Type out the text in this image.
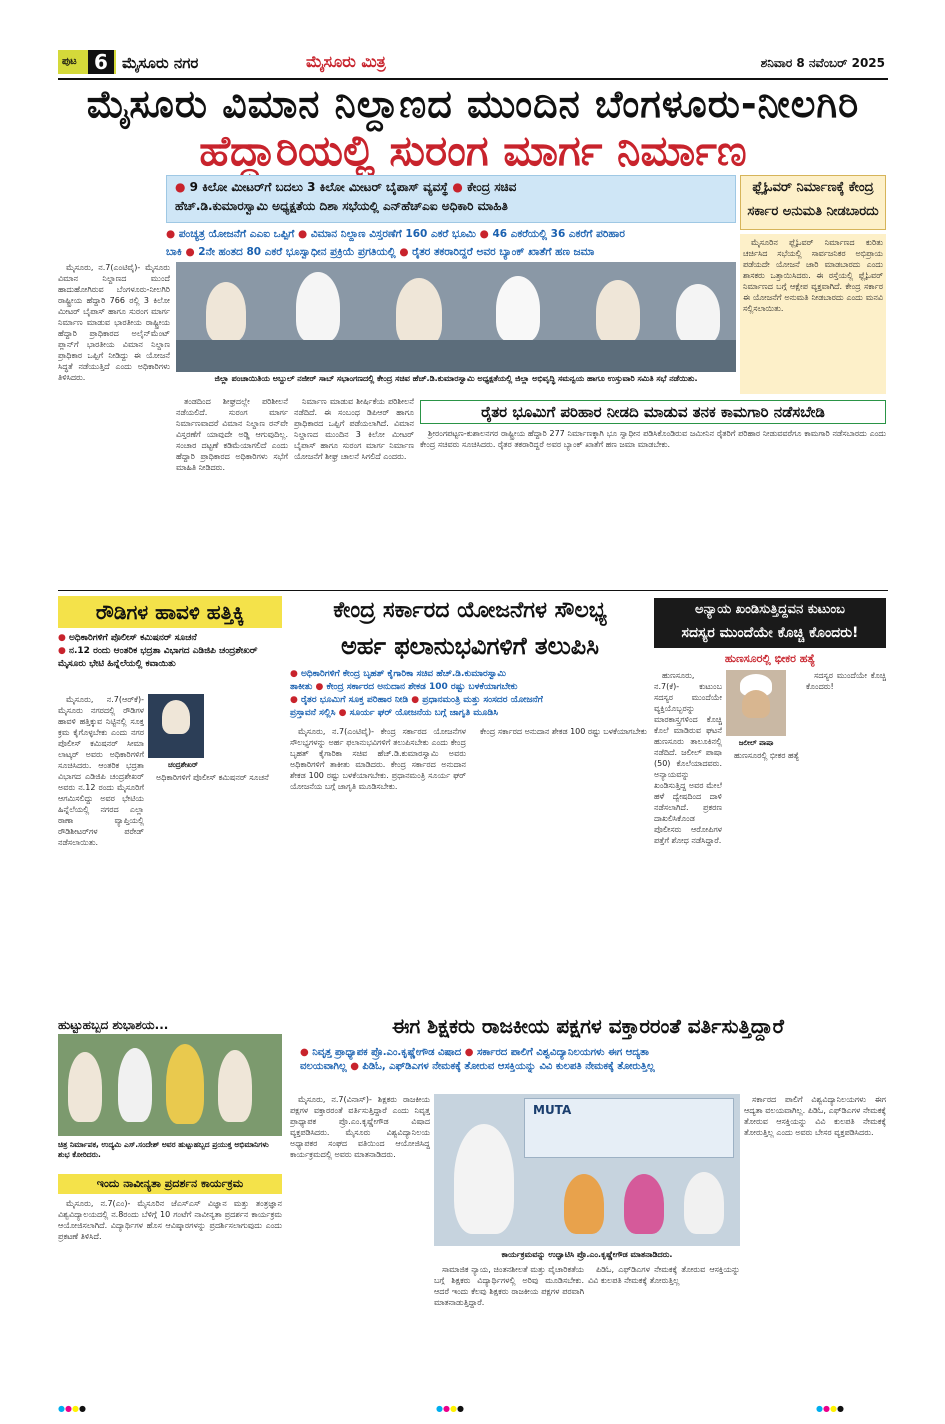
ಪುಟ 6 ಮೈಸೂರು ನಗರ	ಮೈಸೂರು ಮಿತ್ರ	ಶನಿವಾರ 8 ನವೆಂಬರ್ 2025
ಮೈಸೂರು ವಿಮಾನ ನಿಲ್ದಾಣದ ಮುಂದಿನ ಬೆಂಗಳೂರು-ನೀಲಗಿರಿ
ಹೆದ್ದಾರಿಯಲ್ಲಿ ಸುರಂಗ ಮಾರ್ಗ ನಿರ್ಮಾಣ
● 9 ಕಿಲೋ ಮೀಟರ್‌ಗೆ ಬದಲು 3 ಕಿಲೋ ಮೀಟರ್ ಬೈಪಾಸ್ ವ್ಯವಸ್ಥೆ ● ಕೇಂದ್ರ ಸಚಿವ
ಹೆಚ್.ಡಿ.ಕುಮಾರಸ್ವಾಮಿ ಅಧ್ಯಕ್ಷತೆಯ ದಿಶಾ ಸಭೆಯಲ್ಲಿ ಎನ್‌ಹೆಚ್‌ಎಐ ಅಧಿಕಾರಿ ಮಾಹಿತಿ
● ಪಂಚ್ಯತ್ರ ಯೋಜನೆಗೆ ಎಎಐ ಒಪ್ಪಿಗೆ ● ವಿಮಾನ ನಿಲ್ದಾಣ ವಿಸ್ತರಣೆಗೆ 160 ಎಕರೆ ಭೂಮಿ ● 46 ಎಕರೆಯಲ್ಲಿ 36 ಎಕರೆಗೆ ಪರಿಹಾರ
ಬಾಕಿ ● 2ನೇ ಹಂತದ 80 ಎಕರೆ ಭೂಸ್ವಾಧೀನ ಪ್ರಕ್ರಿಯೆ ಪ್ರಗತಿಯಲ್ಲಿ ● ರೈತರ ತಕರಾರಿದ್ದರೆ ಅವರ ಬ್ಯಾಂಕ್ ಖಾತೆಗೆ ಹಣ ಜಮಾ

ಮೈಸೂರು, ನ.7(ಎಂಟಿವೈ)- ಮೈಸೂರು ವಿಮಾನ ನಿಲ್ದಾಣದ ಮುಂದೆ ಹಾದುಹೋಗಿರುವ ಬೆಂಗಳೂರು-ನೀಲಗಿರಿ ರಾಷ್ಟ್ರೀಯ ಹೆದ್ದಾರಿ 766 ರಲ್ಲಿ 3 ಕಿಲೋ ಮೀಟರ್ ಬೈಪಾಸ್ ಹಾಗೂ ಸುರಂಗ ಮಾರ್ಗ ನಿರ್ಮಾಣ ಮಾಡುವ ಭಾರತೀಯ ರಾಷ್ಟ್ರೀಯ ಹೆದ್ದಾರಿ ಪ್ರಾಧಿಕಾರದ ಅಲೈನ್‌ಮೆಂಟ್ ಪ್ಲಾನ್‌ಗೆ ಭಾರತೀಯ ವಿಮಾನ ನಿಲ್ದಾಣ ಪ್ರಾಧಿಕಾರ ಒಪ್ಪಿಗೆ ನೀಡಿದ್ದು ಈ ಯೋಜನೆ ಸಿದ್ಧತೆ ನಡೆಯುತ್ತಿದೆ ಎಂದು ಅಧಿಕಾರಿಗಳು ತಿಳಿಸಿದರು.	ಜಿಲ್ಲಾ ಪಂಚಾಯಿತಿಯ ಅಬ್ದುಲ್ ನಜೀರ್ ಸಾಬ್ ಸಭಾಂಗಣದಲ್ಲಿ ಕೇಂದ್ರ ಸಚಿವ ಹೆಚ್.ಡಿ.ಕುಮಾರಸ್ವಾಮಿ ಅಧ್ಯಕ್ಷತೆಯಲ್ಲಿ ಜಿಲ್ಲಾ ಅಭಿವೃದ್ಧಿ ಸಮನ್ವಯ ಹಾಗೂ ಉಸ್ತುವಾರಿ ಸಮಿತಿ ಸಭೆ ನಡೆಯಿತು.

ತಂಡದಿಂದ ಶೀಘ್ರದಲ್ಲೇ ಪರಿಶೀಲನೆ ನಡೆಯಲಿದೆ. ಸುರಂಗ ಮಾರ್ಗ ನಿರ್ಮಾಣವಾದರೆ ವಿಮಾನ ನಿಲ್ದಾಣ ರನ್‌ವೇ ವಿಸ್ತರಣೆಗೆ ಯಾವುದೇ ಅಡ್ಡಿ ಆಗುವುದಿಲ್ಲ. ಸಂಚಾರ ದಟ್ಟಣೆ ಕಡಿಮೆಯಾಗಲಿದೆ ಎಂದು ಹೆದ್ದಾರಿ ಪ್ರಾಧಿಕಾರದ ಅಧಿಕಾರಿಗಳು ಸಭೆಗೆ ಮಾಹಿತಿ ನೀಡಿದರು.

ನಿರ್ಮಾಣ ಮಾಡುವ ಶೀರ್ಷಿಕೆಯ ಪರಿಶೀಲನೆ ನಡೆದಿದೆ. ಈ ಸಂಬಂಧ ಡಿಪಿಆರ್ ಹಾಗೂ ಪ್ರಾಧಿಕಾರದ ಒಪ್ಪಿಗೆ ಪಡೆಯಲಾಗಿದೆ. ವಿಮಾನ ನಿಲ್ದಾಣದ ಮುಂದಿನ 3 ಕಿಲೋ ಮೀಟರ್ ಬೈಪಾಸ್ ಹಾಗೂ ಸುರಂಗ ಮಾರ್ಗ ನಿರ್ಮಾಣ ಯೋಜನೆಗೆ ಶೀಘ್ರ ಚಾಲನೆ ಸಿಗಲಿದೆ ಎಂದರು.

ಫ್ಲೈಓವರ್ ನಿರ್ಮಾಣಕ್ಕೆ ಕೇಂದ್ರ
ಸರ್ಕಾರ ಅನುಮತಿ ನೀಡಬಾರದು

ಮೈಸೂರಿನ ಫ್ಲೈಓವರ್ ನಿರ್ಮಾಣದ ಕುರಿತು ಚರ್ಚಿಸಿದ ಸಭೆಯಲ್ಲಿ ಸಾರ್ವಜನಿಕರ ಅಭಿಪ್ರಾಯ ಪಡೆಯದೇ ಯೋಜನೆ ಜಾರಿ ಮಾಡಬಾರದು ಎಂದು ಶಾಸಕರು ಒತ್ತಾಯಿಸಿದರು. ಈ ರಸ್ತೆಯಲ್ಲಿ ಫ್ಲೈಓವರ್ ನಿರ್ಮಾಣದ ಬಗ್ಗೆ ಆಕ್ಷೇಪ ವ್ಯಕ್ತವಾಗಿದೆ. ಕೇಂದ್ರ ಸರ್ಕಾರ ಈ ಯೋಜನೆಗೆ ಅನುಮತಿ ನೀಡಬಾರದು ಎಂದು ಮನವಿ ಸಲ್ಲಿಸಲಾಯಿತು.

ರೈತರ ಭೂಮಿಗೆ ಪರಿಹಾರ ನೀಡದಿ ಮಾಡುವ ತನಕ ಕಾಮಗಾರಿ ನಡೆಸಬೇಡಿ

ಶ್ರೀರಂಗಪಟ್ಟಣ-ಕುಶಾಲನಗರ ರಾಷ್ಟ್ರೀಯ ಹೆದ್ದಾರಿ 277 ನಿರ್ಮಾಣಕ್ಕಾಗಿ ಭೂ ಸ್ವಾಧೀನ ಪಡಿಸಿಕೊಂಡಿರುವ ಜಮೀನಿನ ರೈತರಿಗೆ ಪರಿಹಾರ ನೀಡುವವರೆಗೂ ಕಾಮಗಾರಿ ನಡೆಸಬಾರದು ಎಂದು ಕೇಂದ್ರ ಸಚಿವರು ಸೂಚಿಸಿದರು. ರೈತರ ತಕರಾರಿದ್ದರೆ ಅವರ ಬ್ಯಾಂಕ್ ಖಾತೆಗೆ ಹಣ ಜಮಾ ಮಾಡಬೇಕು.

ರೌಡಿಗಳ ಹಾವಳಿ ಹತ್ತಿಕ್ಕಿ
● ಅಧಿಕಾರಿಗಳಿಗೆ ಪೊಲೀಸ್ ಕಮಿಷನರ್ ಸೂಚನೆ
● ನ.12 ರಂದು ಆಂತರಿಕ ಭದ್ರತಾ ವಿಭಾಗದ ಎಡಿಜಿಪಿ ಚಂದ್ರಶೇಖರ್ ಮೈಸೂರು ಭೇಟಿ ಹಿನ್ನೆಲೆಯಲ್ಲಿ ಕವಾಯಿತು
ಚಂದ್ರಶೇಖರ್

ಮೈಸೂರು, ನ.7(ಆರ್‌ಕೆ)- ಮೈಸೂರು ನಗರದಲ್ಲಿ ರೌಡಿಗಳ ಹಾವಳಿ ಹತ್ತಿಕ್ಕುವ ನಿಟ್ಟಿನಲ್ಲಿ ಸೂಕ್ತ ಕ್ರಮ ಕೈಗೊಳ್ಳಬೇಕು ಎಂದು ನಗರ ಪೊಲೀಸ್ ಕಮಿಷನರ್ ಸೀಮಾ ಲಾಟ್ಕರ್ ಅವರು ಅಧಿಕಾರಿಗಳಿಗೆ ಸೂಚಿಸಿದರು. ಆಂತರಿಕ ಭದ್ರತಾ ವಿಭಾಗದ ಎಡಿಜಿಪಿ ಚಂದ್ರಶೇಖರ್ ಅವರು ನ.12 ರಂದು ಮೈಸೂರಿಗೆ ಆಗಮಿಸಲಿದ್ದು ಅವರ ಭೇಟಿಯ ಹಿನ್ನೆಲೆಯಲ್ಲಿ ನಗರದ ಎಲ್ಲಾ ಠಾಣಾ ವ್ಯಾಪ್ತಿಯಲ್ಲಿ ರೌಡಿಶೀಟರ್‌ಗಳ ಪರೇಡ್ ನಡೆಸಲಾಯಿತು.

ಅಧಿಕಾರಿಗಳಿಗೆ ಪೊಲೀಸ್ ಕಮಿಷನರ್ ಸೂಚನೆ

ಕೇಂದ್ರ ಸರ್ಕಾರದ ಯೋಜನೆಗಳ ಸೌಲಭ್ಯ
ಅರ್ಹ ಫಲಾನುಭವಿಗಳಿಗೆ ತಲುಪಿಸಿ
● ಅಧಿಕಾರಿಗಳಿಗೆ ಕೇಂದ್ರ ಬೃಹತ್ ಕೈಗಾರಿಕಾ ಸಚಿವ ಹೆಚ್.ಡಿ.ಕುಮಾರಸ್ವಾಮಿ
ತಾಕೀತು ● ಕೇಂದ್ರ ಸರ್ಕಾರದ ಅನುದಾನ ಶೇಕಡ 100 ರಷ್ಟು ಬಳಕೆಯಾಗಬೇಕು
● ರೈತರ ಭೂಮಿಗೆ ಸೂಕ್ತ ಪರಿಹಾರ ನೀಡಿ ● ಪ್ರಧಾನಮಂತ್ರಿ ಮತ್ತು ಸಂಸದರ ಯೋಜನೆಗೆ
ಪ್ರಸ್ತಾವನೆ ಸಲ್ಲಿಸಿ ● ಸೂರ್ಯ ಘರ್ ಯೋಜನೆಯ ಬಗ್ಗೆ ಜಾಗೃತಿ ಮೂಡಿಸಿ

ಮೈಸೂರು, ನ.7(ಎಂಟಿವೈ)- ಕೇಂದ್ರ ಸರ್ಕಾರದ ಯೋಜನೆಗಳ ಸೌಲಭ್ಯಗಳನ್ನು ಅರ್ಹ ಫಲಾನುಭವಿಗಳಿಗೆ ತಲುಪಿಸಬೇಕು ಎಂದು ಕೇಂದ್ರ ಬೃಹತ್ ಕೈಗಾರಿಕಾ ಸಚಿವ ಹೆಚ್.ಡಿ.ಕುಮಾರಸ್ವಾಮಿ ಅವರು ಅಧಿಕಾರಿಗಳಿಗೆ ತಾಕೀತು ಮಾಡಿದರು. ಕೇಂದ್ರ ಸರ್ಕಾರದ ಅನುದಾನ ಶೇಕಡ 100 ರಷ್ಟು ಬಳಕೆಯಾಗಬೇಕು. ಪ್ರಧಾನಮಂತ್ರಿ ಸೂರ್ಯ ಘರ್ ಯೋಜನೆಯ ಬಗ್ಗೆ ಜಾಗೃತಿ ಮೂಡಿಸಬೇಕು.

ಕೇಂದ್ರ ಸರ್ಕಾರದ ಅನುದಾನ ಶೇಕಡ 100 ರಷ್ಟು ಬಳಕೆಯಾಗಬೇಕು

ಅನ್ಯಾಯ ಖಂಡಿಸುತ್ತಿದ್ದವನ ಕುಟುಂಬ
ಸದಸ್ಯರ ಮುಂದೆಯೇ ಕೊಚ್ಚಿ ಕೊಂದರು!
ಹುಣಸೂರಲ್ಲಿ ಭೀಕರ ಹತ್ಯೆ
ಜಲೀಲ್ ಪಾಷಾ

ಹುಣಸೂರು, ನ.7(ಕೆ)- ಕುಟುಂಬ ಸದಸ್ಯರ ಮುಂದೆಯೇ ವ್ಯಕ್ತಿಯೊಬ್ಬರನ್ನು ಮಾರಕಾಸ್ತ್ರಗಳಿಂದ ಕೊಚ್ಚಿ ಕೊಲೆ ಮಾಡಿರುವ ಘಟನೆ ಹುಣಸೂರು ತಾಲೂಕಿನಲ್ಲಿ ನಡೆದಿದೆ. ಜಲೀಲ್ ಪಾಷಾ (50) ಕೊಲೆಯಾದವರು. ಅನ್ಯಾಯವನ್ನು ಖಂಡಿಸುತ್ತಿದ್ದ ಅವರ ಮೇಲೆ ಹಳೆ ದ್ವೇಷದಿಂದ ದಾಳಿ ನಡೆಸಲಾಗಿದೆ. ಪ್ರಕರಣ ದಾಖಲಿಸಿಕೊಂಡ ಪೊಲೀಸರು ಆರೋಪಿಗಳ ಪತ್ತೆಗೆ ಶೋಧ ನಡೆಸಿದ್ದಾರೆ.

ಹುಣಸೂರಲ್ಲಿ ಭೀಕರ ಹತ್ಯೆ

ಸದಸ್ಯರ ಮುಂದೆಯೇ ಕೊಚ್ಚಿ ಕೊಂದರು!

ಹುಟ್ಟುಹಬ್ಬದ ಶುಭಾಶಯ...
ಚಿತ್ರ ನಿರ್ಮಾಪಕ, ಉದ್ಯಮಿ ಎಸ್.ಸಂದೇಶ್ ಅವರ ಹುಟ್ಟುಹಬ್ಬದ ಪ್ರಯುಕ್ತ ಅಭಿಮಾನಿಗಳು ಶುಭ ಕೋರಿದರು.
ಇಂದು ನಾವೀನ್ಯತಾ ಪ್ರದರ್ಶನ ಕಾರ್ಯಕ್ರಮ

ಮೈಸೂರು, ನ.7(ಎಂ)- ಮೈಸೂರಿನ ಜೆಎಸ್‌ಎಸ್ ವಿಜ್ಞಾನ ಮತ್ತು ತಂತ್ರಜ್ಞಾನ ವಿಶ್ವವಿದ್ಯಾಲಯದಲ್ಲಿ ನ.8ರಂದು ಬೆಳಿಗ್ಗೆ 10 ಗಂಟೆಗೆ ನಾವೀನ್ಯತಾ ಪ್ರದರ್ಶನ ಕಾರ್ಯಕ್ರಮ ಆಯೋಜಿಸಲಾಗಿದೆ. ವಿದ್ಯಾರ್ಥಿಗಳ ಹೊಸ ಆವಿಷ್ಕಾರಗಳನ್ನು ಪ್ರದರ್ಶಿಸಲಾಗುವುದು ಎಂದು ಪ್ರಕಟಣೆ ತಿಳಿಸಿದೆ.

ಈಗ ಶಿಕ್ಷಕರು ರಾಜಕೀಯ ಪಕ್ಷಗಳ ವಕ್ತಾರರಂತೆ ವರ್ತಿಸುತ್ತಿದ್ದಾರೆ
● ನಿವೃತ್ತ ಪ್ರಾಧ್ಯಾಪಕ ಪ್ರೊ.ಎಂ.ಕೃಷ್ಣೇಗೌಡ ವಿಷಾದ ● ಸರ್ಕಾರದ ಪಾಲಿಗೆ ವಿಶ್ವವಿದ್ಯಾನಿಲಯಗಳು ಈಗ ಆದ್ಯತಾ
ವಲಯವಾಗಿಲ್ಲ ● ಪಿಡಿಓ, ಎಫ್‌ಡಿಎಗಳ ನೇಮಕಕ್ಕೆ ತೋರುವ ಆಸಕ್ತಿಯನ್ನು ವಿವಿ ಕುಲಪತಿ ನೇಮಕಕ್ಕೆ ತೋರುತ್ತಿಲ್ಲ

ಮೈಸೂರು, ನ.7(ವಿನಾಸ್)- ಶಿಕ್ಷಕರು ರಾಜಕೀಯ ಪಕ್ಷಗಳ ವಕ್ತಾರರಂತೆ ವರ್ತಿಸುತ್ತಿದ್ದಾರೆ ಎಂದು ನಿವೃತ್ತ ಪ್ರಾಧ್ಯಾಪಕ ಪ್ರೊ.ಎಂ.ಕೃಷ್ಣೇಗೌಡ ವಿಷಾದ ವ್ಯಕ್ತಪಡಿಸಿದರು. ಮೈಸೂರು ವಿಶ್ವವಿದ್ಯಾನಿಲಯ ಅಧ್ಯಾಪಕರ ಸಂಘದ ವತಿಯಿಂದ ಆಯೋಜಿಸಿದ್ದ ಕಾರ್ಯಕ್ರಮದಲ್ಲಿ ಅವರು ಮಾತನಾಡಿದರು.

MUTA
ಕಾರ್ಯಕ್ರಮವನ್ನು ಉದ್ಘಾಟಿಸಿ ಪ್ರೊ.ಎಂ.ಕೃಷ್ಣೇಗೌಡ ಮಾತನಾಡಿದರು.

ಸಾಮಾಜಿಕ ನ್ಯಾಯ, ಚಿಂತನಶೀಲತೆ ಮತ್ತು ವೈಚಾರಿಕತೆಯ ಬಗ್ಗೆ ಶಿಕ್ಷಕರು ವಿದ್ಯಾರ್ಥಿಗಳಲ್ಲಿ ಅರಿವು ಮೂಡಿಸಬೇಕು. ಆದರೆ ಇಂದು ಕೆಲವು ಶಿಕ್ಷಕರು ರಾಜಕೀಯ ಪಕ್ಷಗಳ ಪರವಾಗಿ ಮಾತನಾಡುತ್ತಿದ್ದಾರೆ.

ಪಿಡಿಓ, ಎಫ್‌ಡಿಎಗಳ ನೇಮಕಕ್ಕೆ ತೋರುವ ಆಸಕ್ತಿಯನ್ನು ವಿವಿ ಕುಲಪತಿ ನೇಮಕಕ್ಕೆ ತೋರುತ್ತಿಲ್ಲ

ಸರ್ಕಾರದ ಪಾಲಿಗೆ ವಿಶ್ವವಿದ್ಯಾನಿಲಯಗಳು ಈಗ ಆದ್ಯತಾ ವಲಯವಾಗಿಲ್ಲ. ಪಿಡಿಓ, ಎಫ್‌ಡಿಎಗಳ ನೇಮಕಕ್ಕೆ ತೋರುವ ಆಸಕ್ತಿಯನ್ನು ವಿವಿ ಕುಲಪತಿ ನೇಮಕಕ್ಕೆ ತೋರುತ್ತಿಲ್ಲ ಎಂದು ಅವರು ಬೇಸರ ವ್ಯಕ್ತಪಡಿಸಿದರು.

●●●●	●●●●	●●●●
